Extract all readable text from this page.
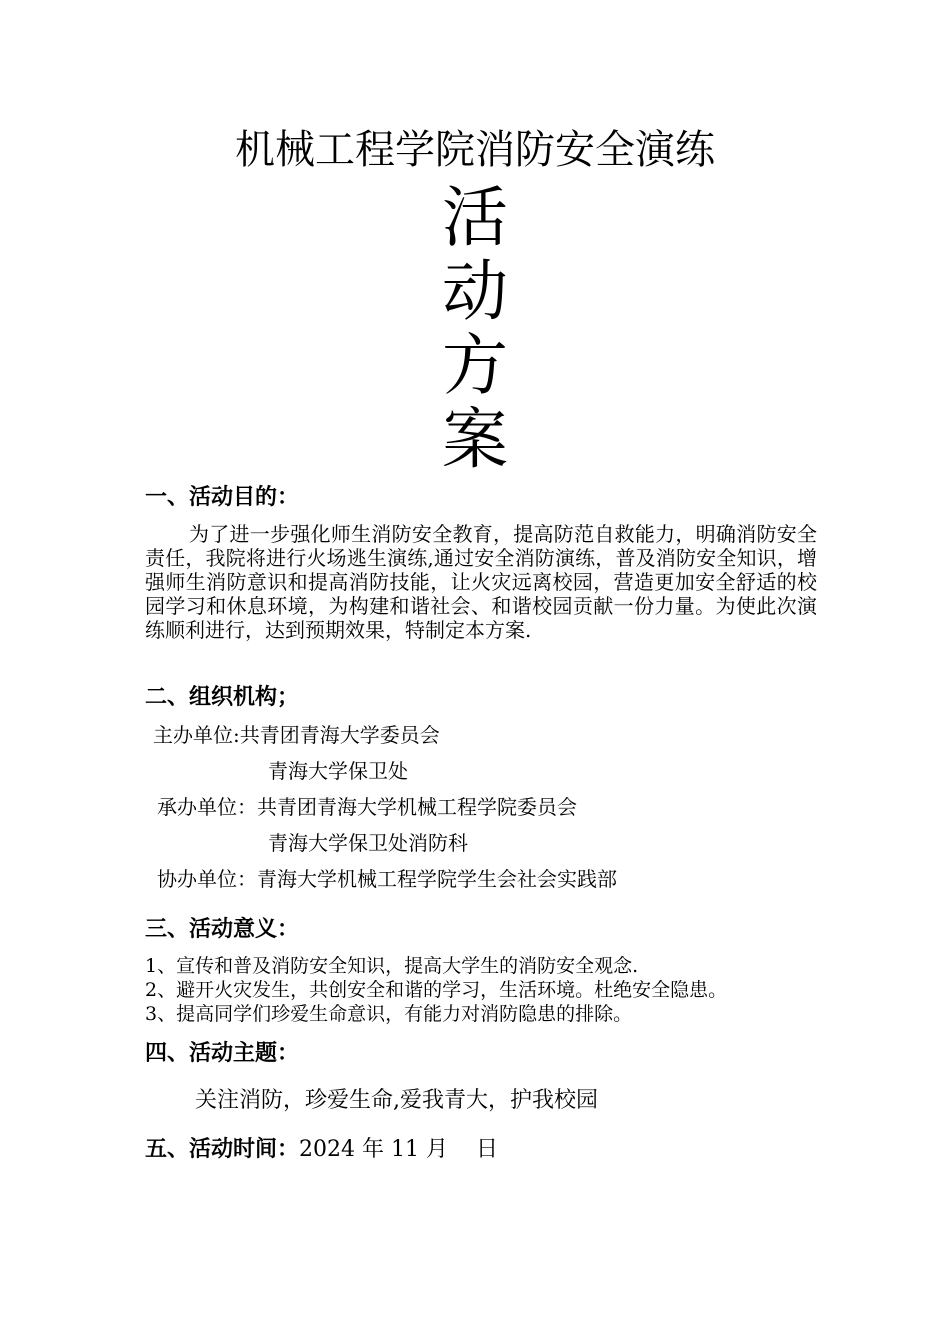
机械工程学院消防安全演练
活
动
方
案
一、活动目的：
为了进一步强化师生消防安全教育，提高防范自救能力，明确消防安全责任，我院将进行火场逃生演练,通过安全消防演练，普及消防安全知识，增强师生消防意识和提高消防技能，让火灾远离校园，营造更加安全舒适的校园学习和休息环境，为构建和谐社会、和谐校园贡献一份力量。为使此次演练顺利进行，达到预期效果，特制定本方案.
二、组织机构；
主办单位:共青团青海大学委员会
青海大学保卫处
承办单位：共青团青海大学机械工程学院委员会
青海大学保卫处消防科
协办单位：青海大学机械工程学院学生会社会实践部
三、活动意义：
1、宣传和普及消防安全知识，提高大学生的消防安全观念.
2、避开火灾发生，共创安全和谐的学习，生活环境。杜绝安全隐患。
3、提高同学们珍爱生命意识，有能力对消防隐患的排除。
四、活动主题：
关注消防，珍爱生命,爱我青大，护我校园
五、活动时间：2024 年 11 月    日
